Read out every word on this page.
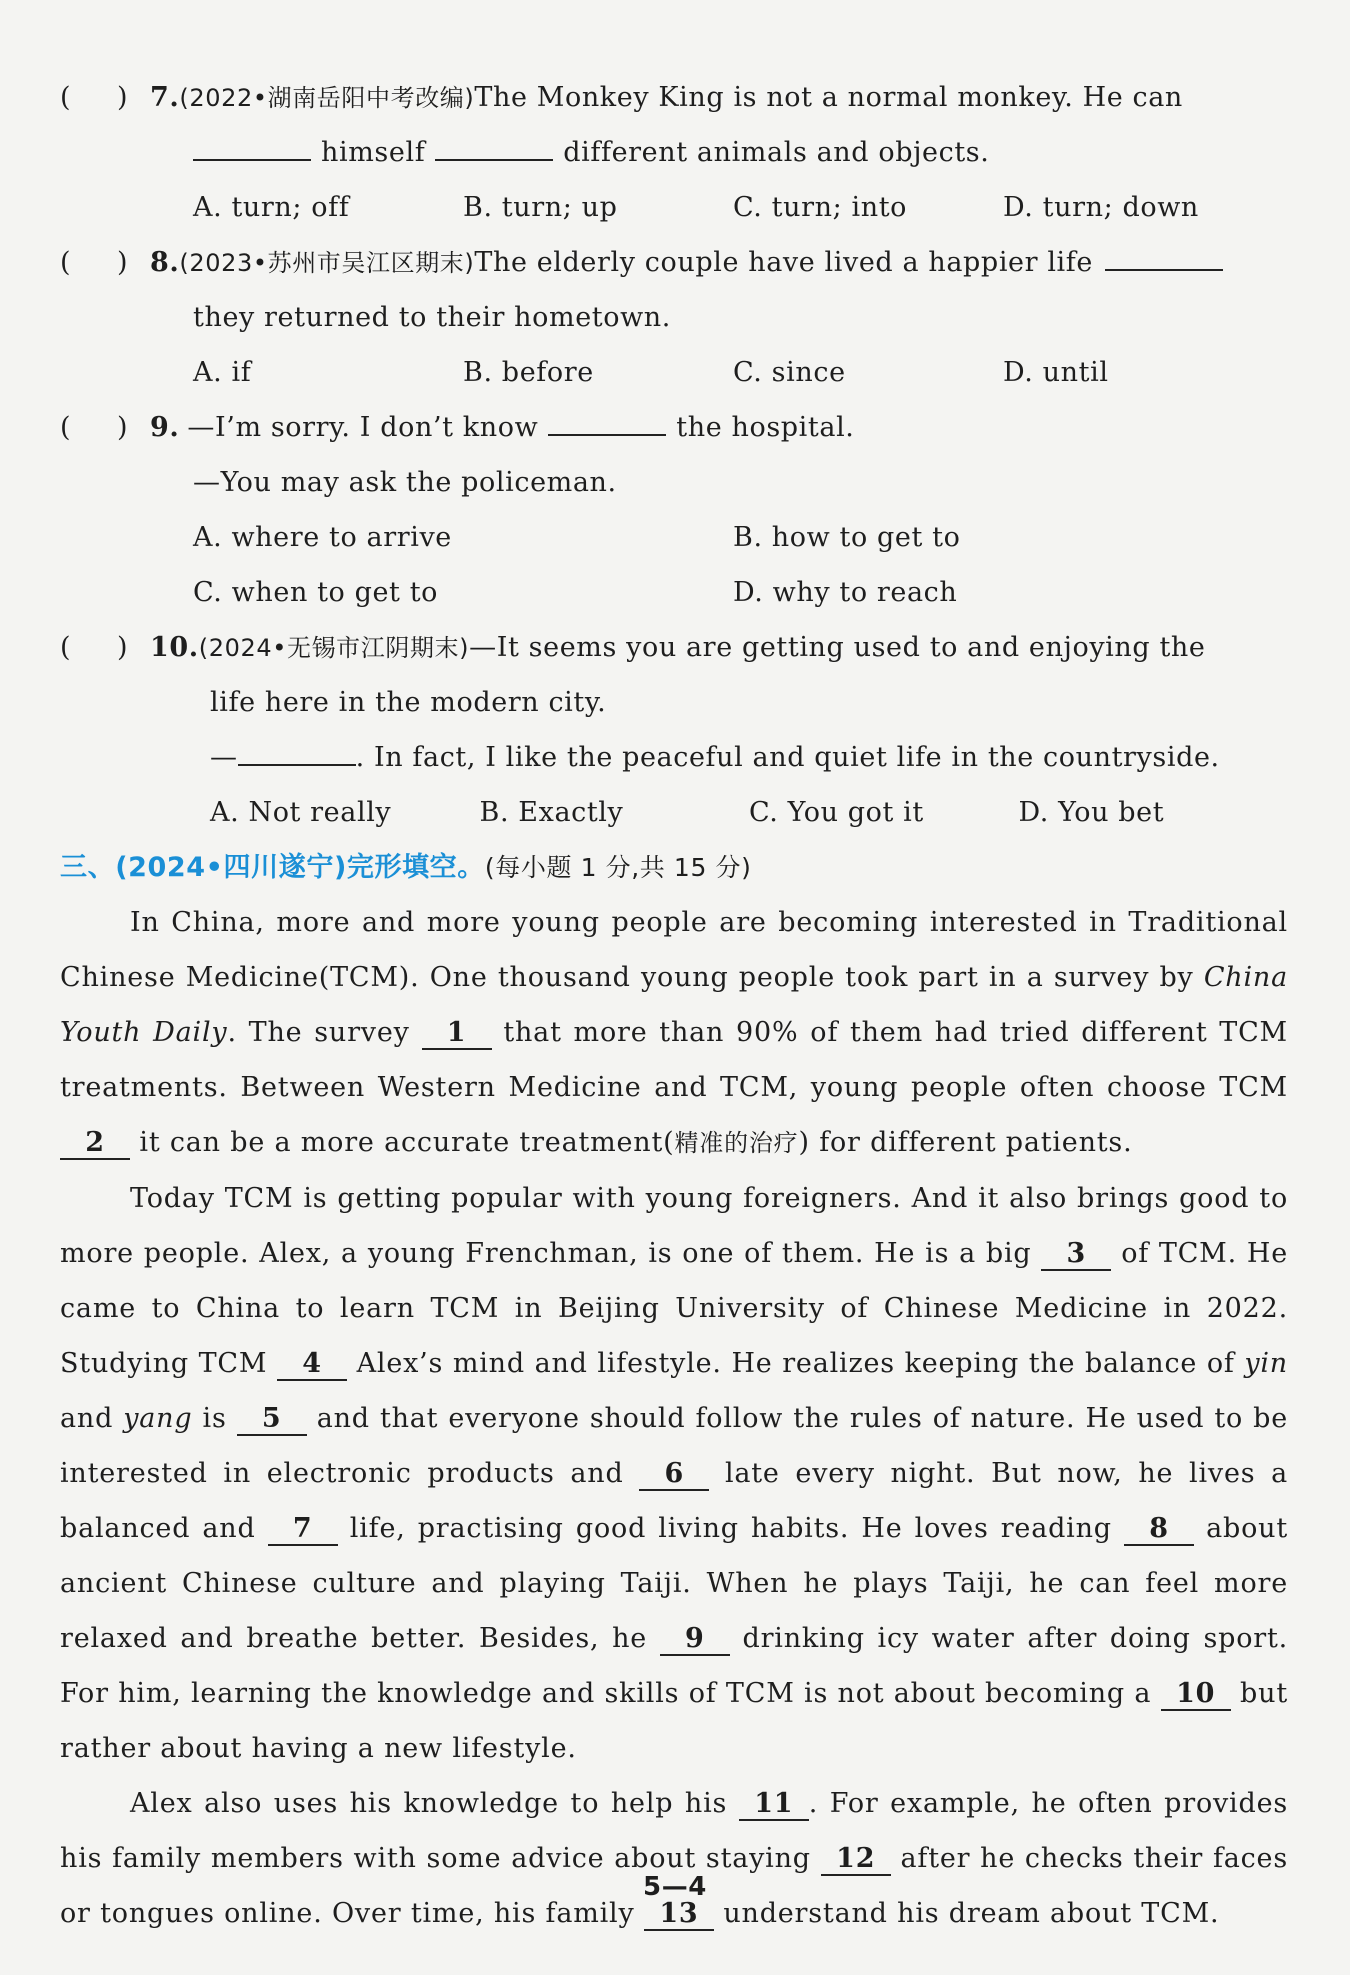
(     ) 7. (2022•湖南岳阳中考改编) The Monkey King is not a normal monkey. He can
himself	different animals and objects.
A. turn; off	B. turn; up	C. turn; into	D. turn; down
(     ) 8. (2023•苏州市吴江区期末) The elderly couple have lived a happier life
they returned to their hometown.
A. if	B. before	C. since	D. until
(     ) 9. —I’m sorry. I don’t know	the hospital.
—You may ask the policeman.
A. where to arrive	B. how to get to
C. when to get to	D. why to reach
(     ) 10. (2024•无锡市江阴期末) —It seems you are getting used to and enjoying the
life here in the modern city.
—	. In fact, I like the peaceful and quiet life in the countryside.
A. Not really	B. Exactly	C. You got it	D. You bet
三、(2024•四川遂宁)完形填空。 (每小题 1 分,共 15 分)

In China, more and more young people are becoming interested in Traditional Chinese Medicine(TCM). One thousand young people took part in a survey by China Youth Daily. The survey 1 that more than 90% of them had tried different TCM treatments. Between Western Medicine and TCM, young people often choose TCM 2 it can be a more accurate treatment(精准的治疗) for different patients.

Today TCM is getting popular with young foreigners. And it also brings good to more people. Alex, a young Frenchman, is one of them. He is a big 3 of TCM. He came to China to learn TCM in Beijing University of Chinese Medicine in 2022. Studying TCM 4 Alex’s mind and lifestyle. He realizes keeping the balance of yin and yang is 5 and that everyone should follow the rules of nature. He used to be interested in electronic products and 6 late every night. But now, he lives a balanced and 7 life, practising good living habits. He loves reading 8 about ancient Chinese culture and playing Taiji. When he plays Taiji, he can feel more relaxed and breathe better. Besides, he 9 drinking icy water after doing sport. For him, learning the knowledge and skills of TCM is not about becoming a 10 but rather about having a new lifestyle.

Alex also uses his knowledge to help his 11 . For example, he often provides his family members with some advice about staying 12 after he checks their faces or tongues online. Over time, his family 13 understand his dream about TCM.

5—4
